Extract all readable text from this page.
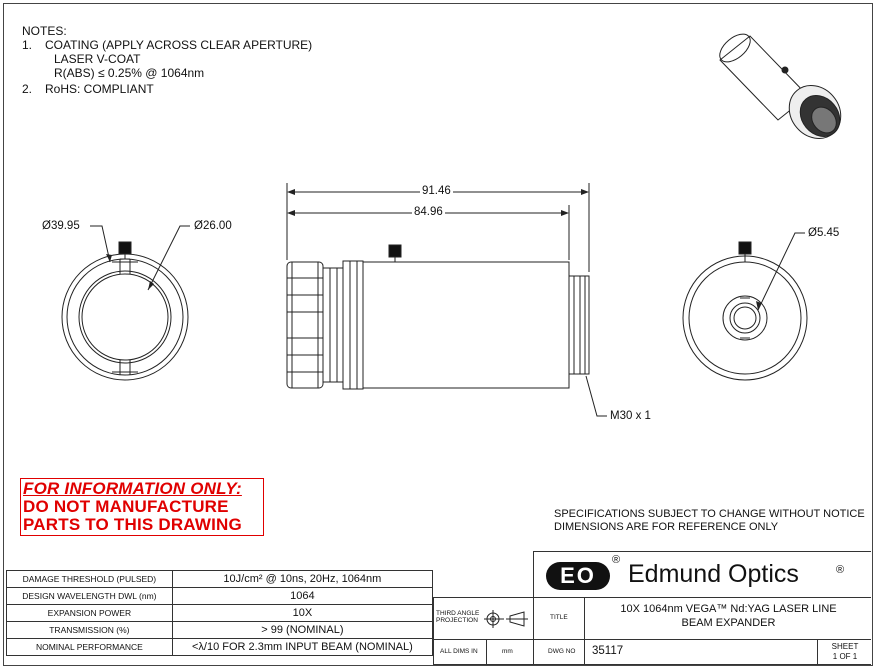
NOTES:
1. COATING (APPLY ACROSS CLEAR APERTURE)
LASER V-COAT
R(ABS) ≤ 0.25% @ 1064nm
2. RoHS: COMPLIANT
91.46
84.96
Ø39.95	Ø26.00
Ø5.45
M30 x 1
FOR INFORMATION ONLY:
DO NOT MANUFACTURE
PARTS TO THIS DRAWING
SPECIFICATIONS SUBJECT TO CHANGE WITHOUT NOTICE
DIMENSIONS ARE FOR REFERENCE ONLY
DAMAGE THRESHOLD (PULSED)	10J/cm² @ 10ns, 20Hz, 1064nm
DESIGN WAVELENGTH DWL (nm)	1064
EXPANSION POWER	10X
TRANSMISSION (%)	> 99 (NOMINAL)
NOMINAL PERFORMANCE	<λ/10 FOR 2.3mm INPUT BEAM (NOMINAL)
EO
® Edmund Optics	®
THIRD ANGLE PROJECTION	TITLE
10X 1064nm VEGA™ Nd:YAG LASER LINE
BEAM EXPANDER
ALL DIMS IN	mm	DWG NO 35117	SHEET
1 OF 1
